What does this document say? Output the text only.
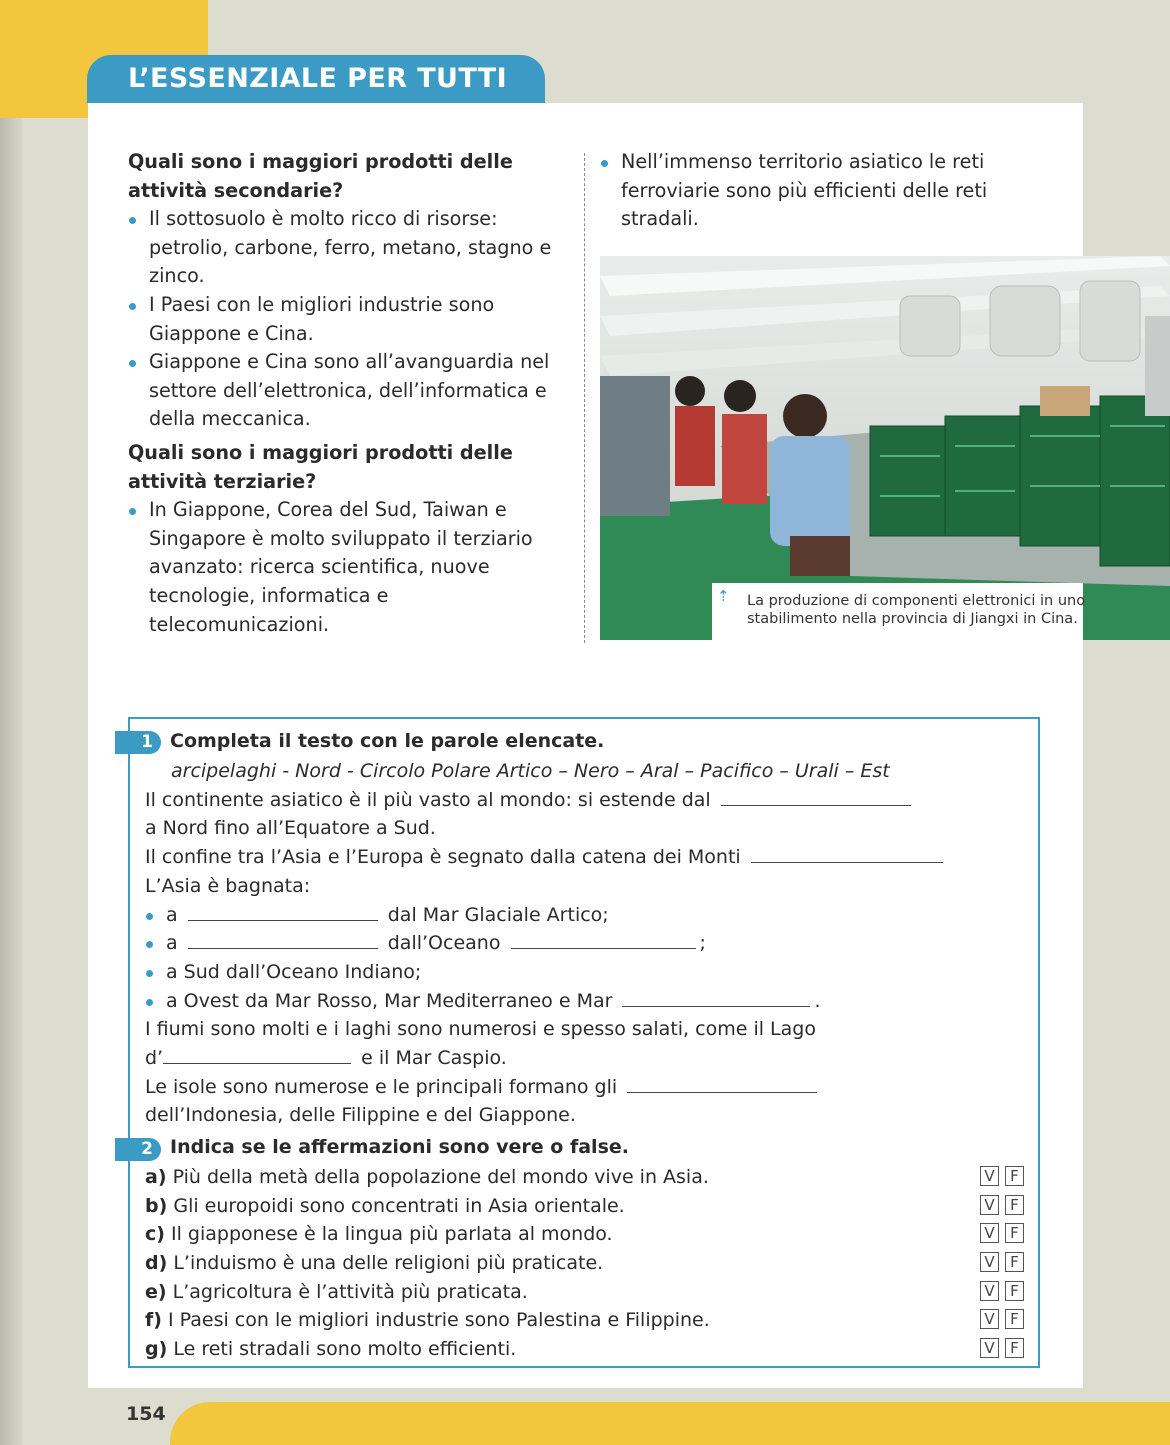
L’ESSENZIALE PER TUTTI
Quali sono i maggiori prodotti delle attività secondarie?
Il sottosuolo è molto ricco di risorse: petrolio, carbone, ferro, metano, stagno e zinco.
I Paesi con le migliori industrie sono Giappone e Cina.
Giappone e Cina sono all’avanguardia nel settore dell’elettronica, dell’informatica e della meccanica.
Quali sono i maggiori prodotti delle attività terziarie?
In Giappone, Corea del Sud, Taiwan e Singapore è molto sviluppato il terziario avanzato: ricerca scientifica, nuove tecnologie, informatica e telecomunicazioni.
Nell’immenso territorio asiatico le reti ferroviarie sono più efficienti delle reti stradali.
⇡ La produzione di componenti elettronici in uno stabilimento nella provincia di Jiangxi in Cina.
1 Completa il testo con le parole elencate.
arcipelaghi - Nord - Circolo Polare Artico – Nero – Aral – Pacifico – Urali – Est
Il continente asiatico è il più vasto al mondo: si estende dal
a Nord fino all’Equatore a Sud.
Il confine tra l’Asia e l’Europa è segnato dalla catena dei Monti
L’Asia è bagnata:
a	dal Mar Glaciale Artico;
a	dall’Oceano	;
a Sud dall’Oceano Indiano;
a Ovest da Mar Rosso, Mar Mediterraneo e Mar	.
I fiumi sono molti e i laghi sono numerosi e spesso salati, come il Lago
d’	e il Mar Caspio.
Le isole sono numerose e le principali formano gli
dell’Indonesia, delle Filippine e del Giappone.
2 Indica se le affermazioni sono vere o false.
a) Più della metà della popolazione del mondo vive in Asia.	V	F
b) Gli europoidi sono concentrati in Asia orientale.	V	F
c) Il giapponese è la lingua più parlata al mondo.	V	F
d) L’induismo è una delle religioni più praticate.	V	F
e) L’agricoltura è l’attività più praticata.	V	F
f) I Paesi con le migliori industrie sono Palestina e Filippine.	V	F
g) Le reti stradali sono molto efficienti.	V	F
154
